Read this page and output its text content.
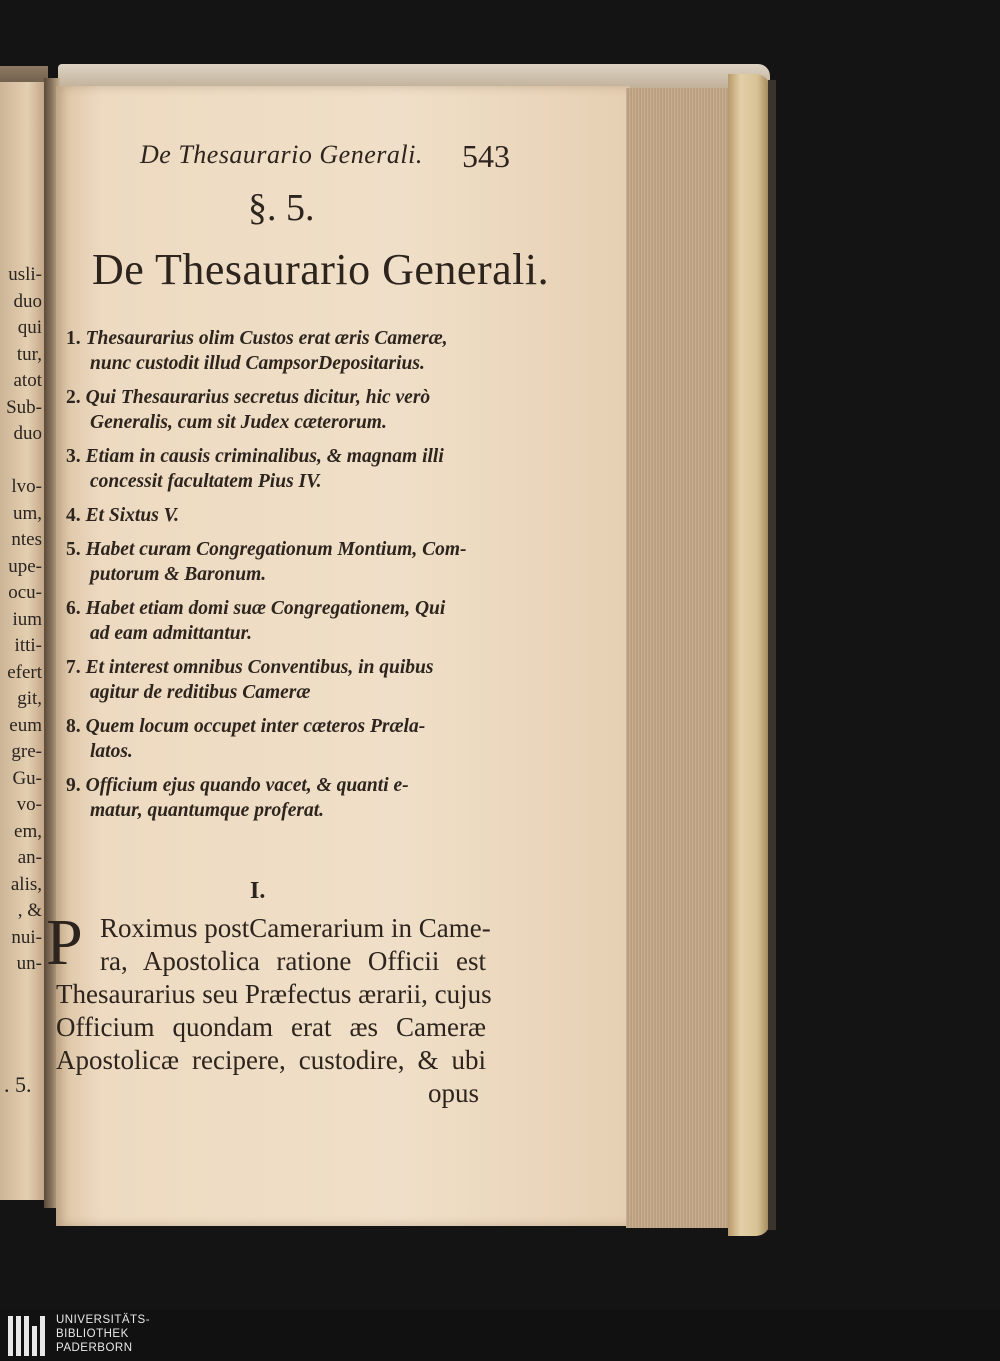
usli-
duo
qui
tur,
atot
Sub-
duo

lvo-
um,
ntes
upe-
ocu-
ium
itti-
efert
git,
eum
gre-
Gu-
vo-
em,
an-
alis,
, &
nui-
un-
. 5.
De Thesaurario Generali. 543
§. 5.
De Thesaurario Generali.
1. Thesaurarius olim Custos erat æris Cameræ,
nunc custodit illud CampsorDepositarius.
2. Qui Thesaurarius secretus dicitur, hic verò
Generalis, cum sit Judex cæterorum.
3. Etiam in causis criminalibus, & magnam illi
concessit facultatem Pius IV.
4. Et Sixtus V.
5. Habet curam Congregationum Montium, Com-
putorum & Baronum.
6. Habet etiam domi suæ Congregationem, Qui
ad eam admittantur.
7. Et interest omnibus Conventibus, in quibus
agitur de reditibus Cameræ
8. Quem locum occupet inter cæteros Præla-
latos.
9. Officium ejus quando vacet, & quanti e-
matur, quantumque proferat.
I.
P Roximus postCamerarium in Came-
ra, Apostolica ratione Officii est
Thesaurarius seu Præfectus ærarii, cujus
Officium quondam erat æs Cameræ
Apostolicæ recipere, custodire, & ubi
opus
UNIVERSITÄTS-
BIBLIOTHEK
PADERBORN
